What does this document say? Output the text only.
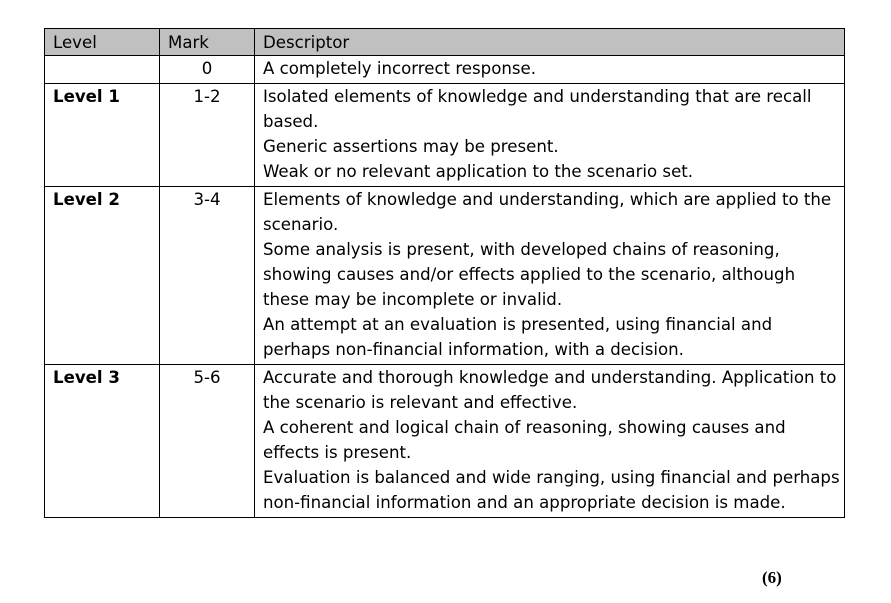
Level	Mark	Descriptor
	0	A completely incorrect response.

Level 1	1-2	Isolated elements of knowledge and understanding that are recall based.
Generic assertions may be present.
Weak or no relevant application to the scenario set.

Level 2	3-4	Elements of knowledge and understanding, which are applied to the scenario.
Some analysis is present, with developed chains of reasoning, showing causes and/or effects applied to the scenario, although these may be incomplete or invalid.
An attempt at an evaluation is presented, using financial and perhaps non-financial information, with a decision.

Level 3	5-6	Accurate and thorough knowledge and understanding. Application to the scenario is relevant and effective.
A coherent and logical chain of reasoning, showing causes and effects is present.
Evaluation is balanced and wide ranging, using financial and perhaps non-financial information and an appropriate decision is made.
(6)
